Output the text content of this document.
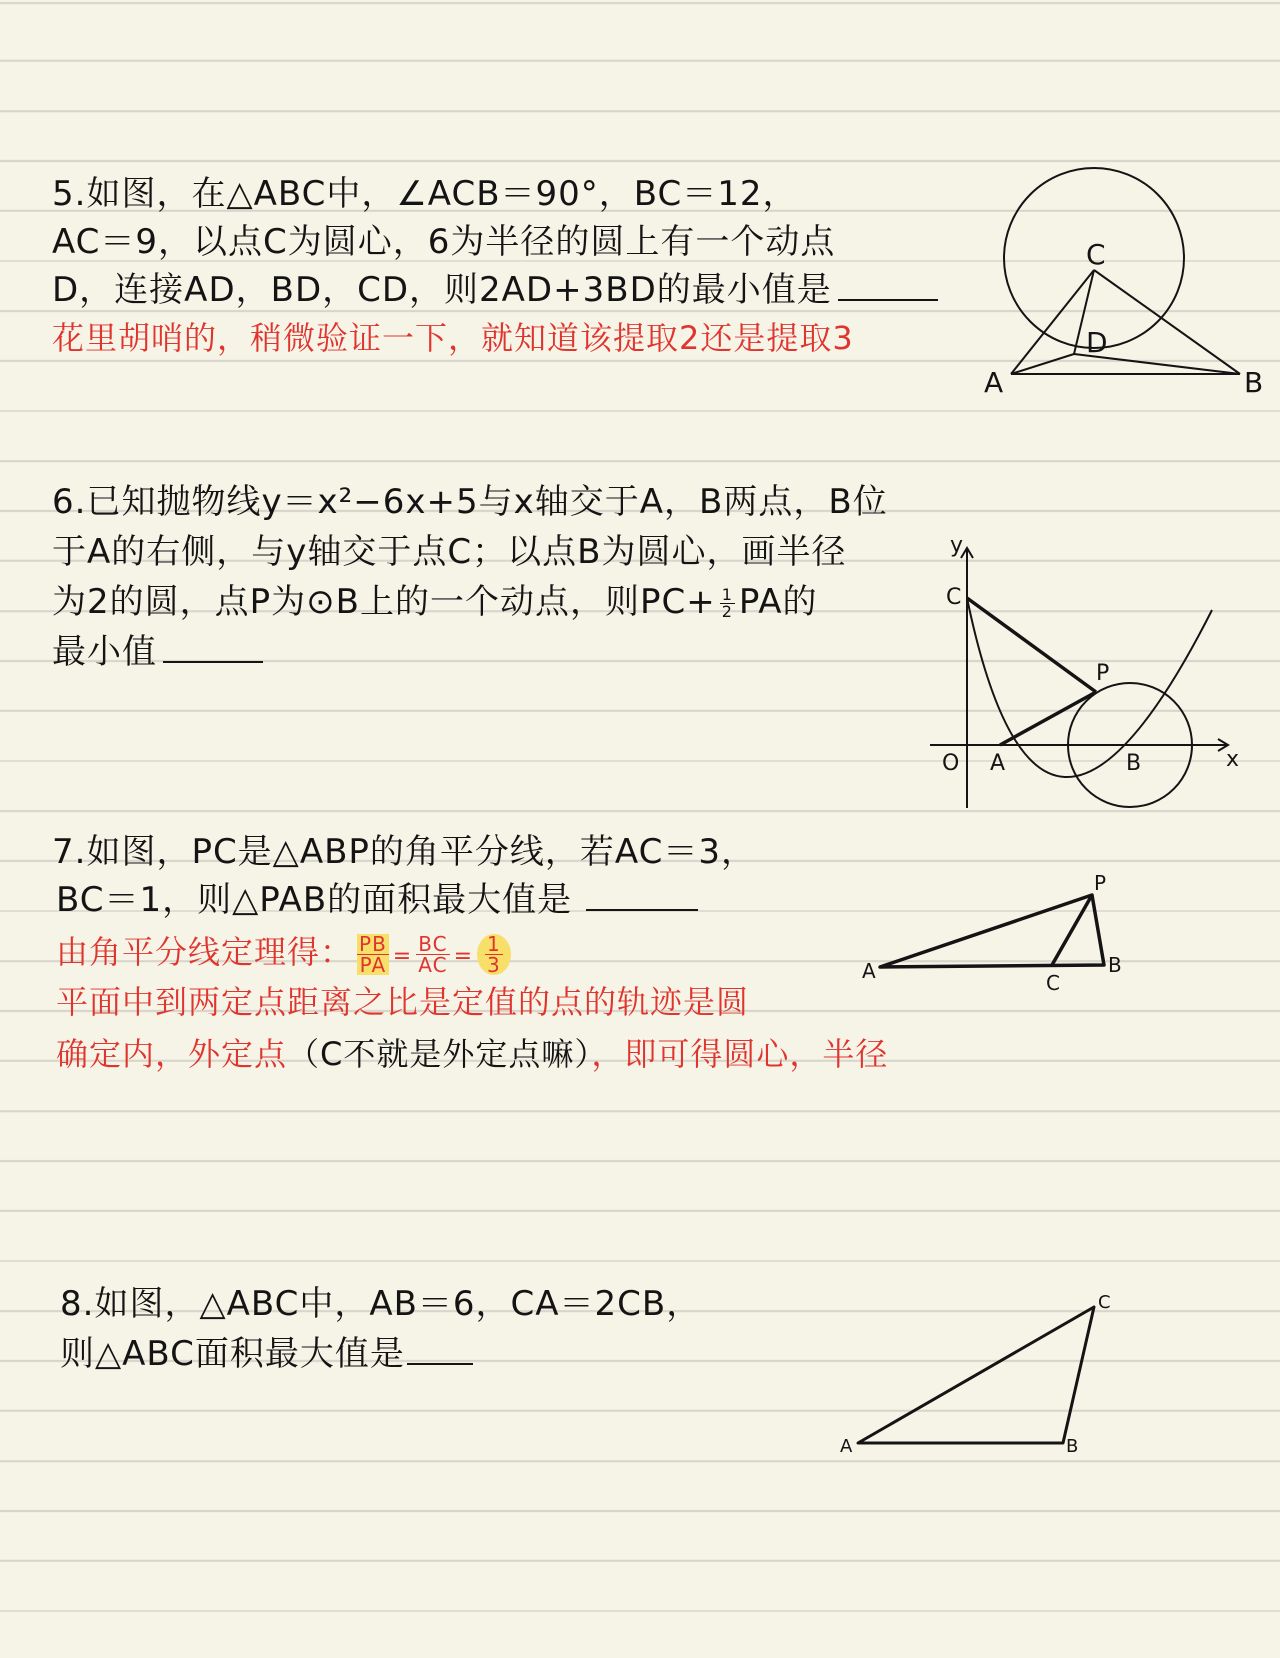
5.如图，在△ABC中，∠ACB＝90°，BC＝12，
AC＝9，以点C为圆心，6为半径的圆上有一个动点
D，连接AD，BD，CD，则2AD+3BD的最小值是
花里胡哨的，稍微验证一下，就知道该提取2还是提取3
C
D
A	B
6.已知抛物线y＝x²−6x+5与x轴交于A，B两点，B位
于A的右侧，与y轴交于点C；以点B为圆心，画半径
为2的圆，点P为⊙B上的一个动点，则$PC+ \frac{1}{2}$ PA的
最小值
y
C
P
O A	B	x
7.如图，PC是△ABP的角平分线，若AC＝3，
BC＝1，则△PAB的面积最大值是
由角平分线定理得： $\frac{PB}{PA} = \frac{BC}{AC} = \frac{1}{3}$
平面中到两定点距离之比是定值的点的轨迹是圆
确定内，外定点（C不就是外定点嘛），即可得圆心，半径
P
A	C
B
8.如图，△ABC中，AB＝6，CA＝2CB，
则△ABC面积最大值是
C
A	B
